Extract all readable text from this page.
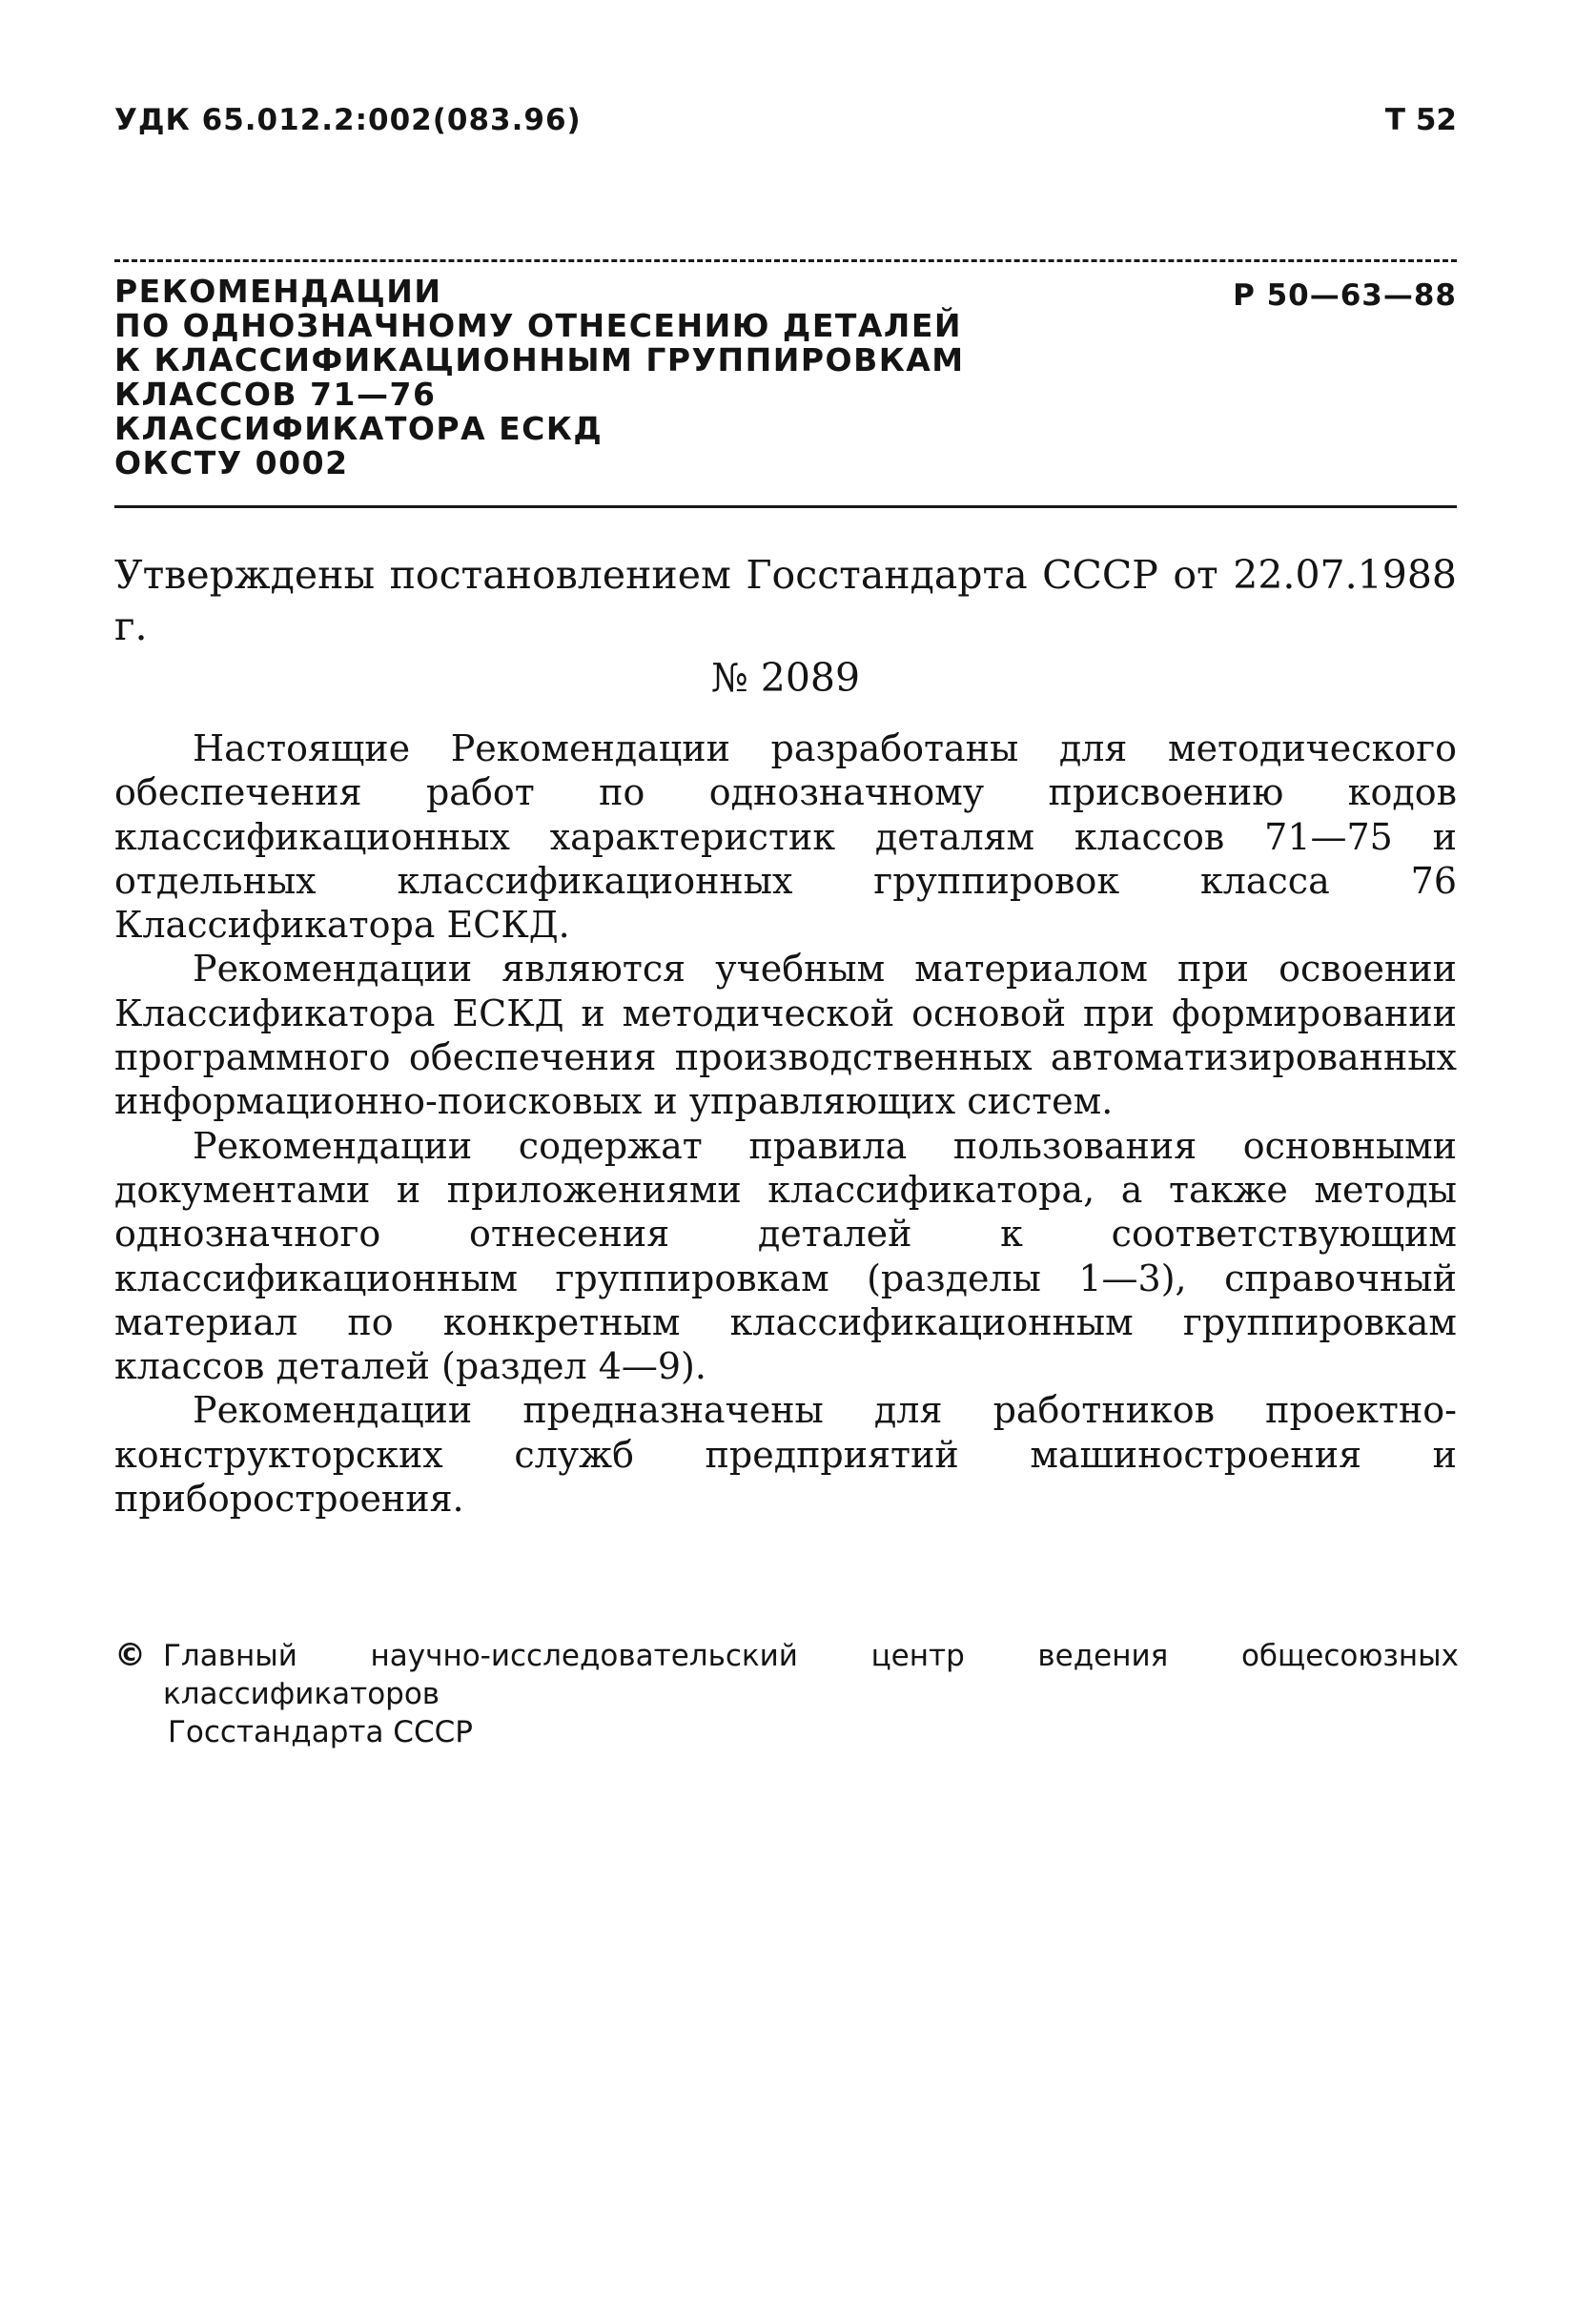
УДК 65.012.2:002(083.96)	Т 52
РЕКОМЕНДАЦИИ
ПО ОДНОЗНАЧНОМУ ОТНЕСЕНИЮ ДЕТАЛЕЙ
К КЛАССИФИКАЦИОННЫМ ГРУППИРОВКАМ
КЛАССОВ 71—76
КЛАССИФИКАТОРА ЕСКД
ОКСТУ 0002
Р 50—63—88
Утверждены постановлением Госстандарта СССР от 22.07.1988 г.
№ 2089

Настоящие Рекомендации разработаны для методического обеспечения работ по однозначному присвоению кодов классификационных характеристик деталям классов 71—75 и отдельных классификационных группировок класса 76 Классификатора ЕСКД.

Рекомендации являются учебным материалом при освоении Классификатора ЕСКД и методической основой при формировании программного обеспечения производственных автоматизированных информационно-поисковых и управляющих систем.

Рекомендации содержат правила пользования основными документами и приложениями классификатора, а также методы однозначного отнесения деталей к соответствующим классификационным группировкам (разделы 1—3), справочный материал по конкретным классификационным группировкам классов деталей (раздел 4—9).

Рекомендации предназначены для работников проектно-конструкторских служб предприятий машиностроения и приборостроения.

© Главный научно-исследовательский центр ведения общесоюзных классификаторов
Госстандарта СССР
